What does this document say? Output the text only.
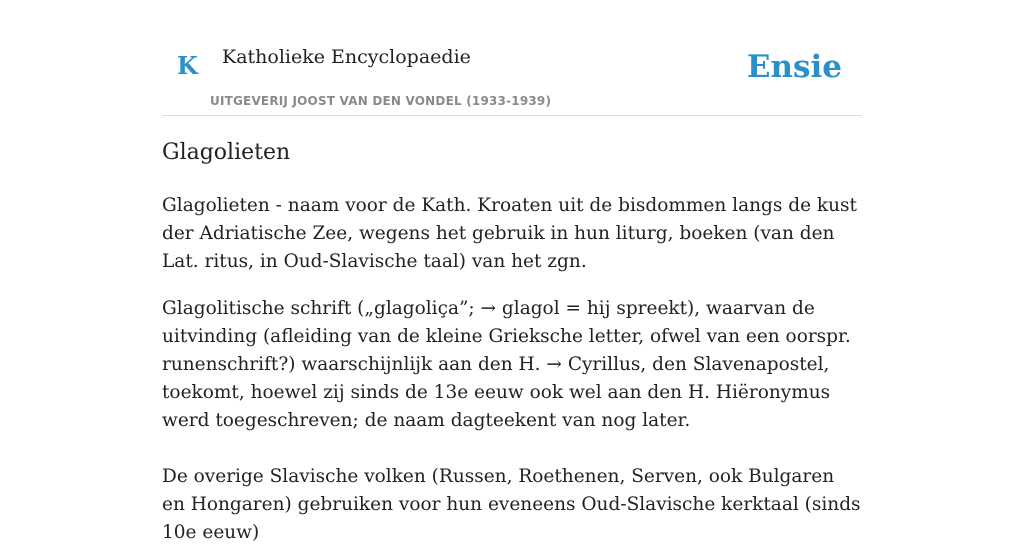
K Katholieke Encyclopaedie
UITGEVERIJ JOOST VAN DEN VONDEL (1933-1939)
Ensie
Glagolieten

Glagolieten - naam voor de Kath. Kroaten uit de bisdommen langs de kust der Adriatische Zee, wegens het gebruik in hun liturg, boeken (van den Lat. ritus, in Oud-Slavische taal) van het zgn.

Glagolitische schrift („glagoliça”; → glagol = hij spreekt), waarvan de uitvinding (afleiding van de kleine Grieksche letter, ofwel van een oorspr. runenschrift?) waarschijnlijk aan den H. → Cyrillus, den Slavenapostel, toekomt, hoewel zij sinds de 13e eeuw ook wel aan den H. Hiëronymus werd toegeschreven; de naam dagteekent van nog later.

De overige Slavische volken (Russen, Roethenen, Serven, ook Bulgaren en Hongaren) gebruiken voor hun eveneens Oud-Slavische kerktaal (sinds 10e eeuw)
